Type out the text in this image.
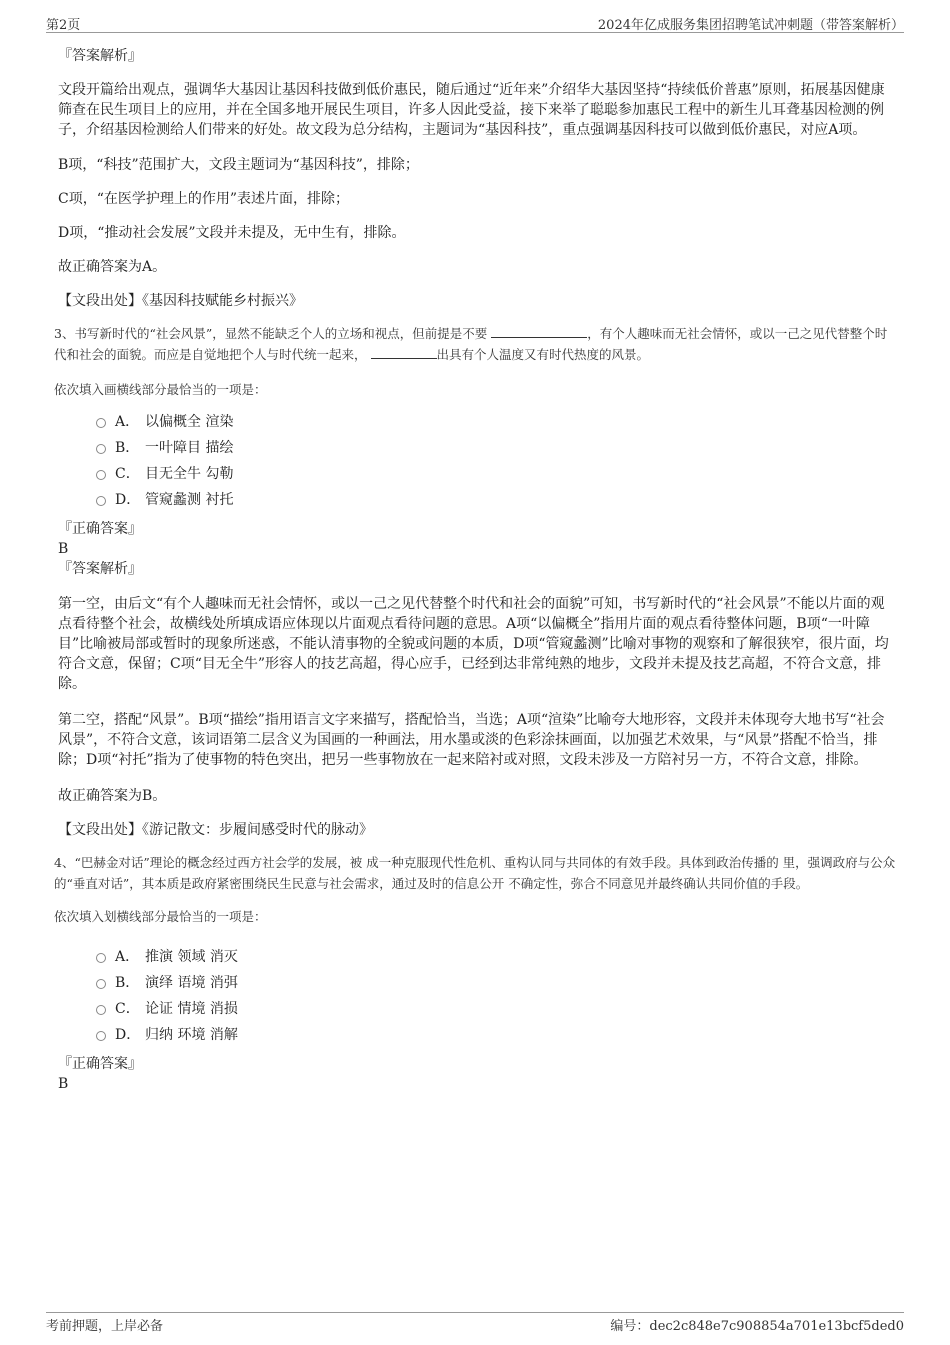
第2页	2024年亿成服务集团招聘笔试冲刺题（带答案解析）

『答案解析』

文段开篇给出观点，强调华大基因让基因科技做到低价惠民，随后通过“近年来”介绍华大基因坚持“持续低价普惠”原则，拓展基因健康筛查在民生项目上的应用，并在全国多地开展民生项目，许多人因此受益，接下来举了聪聪参加惠民工程中的新生儿耳聋基因检测的例子，介绍基因检测给人们带来的好处。故文段为总分结构，主题词为“基因科技”，重点强调基因科技可以做到低价惠民，对应A项。

B项，“科技”范围扩大，文段主题词为“基因科技”，排除；

C项，“在医学护理上的作用”表述片面，排除；

D项，“推动社会发展”文段并未提及，无中生有，排除。

故正确答案为A。

【文段出处】《基因科技赋能乡村振兴》

3、书写新时代的“社会风景”，显然不能缺乏个人的立场和视点，但前提是不要	，有个人趣味而无社会情怀，或以一己之见代替整个时代和社会的面貌。而应是自觉地把个人与时代统一起来，	出具有个人温度又有时代热度的风景。

依次填入画横线部分最恰当的一项是：

A． 以偏概全 渲染
B． 一叶障目 描绘
C． 目无全牛 勾勒
D． 管窥蠡测 衬托

『正确答案』

B

『答案解析』

第一空，由后文“有个人趣味而无社会情怀，或以一己之见代替整个时代和社会的面貌”可知，书写新时代的“社会风景”不能以片面的观点看待整个社会，故横线处所填成语应体现以片面观点看待问题的意思。A项“以偏概全”指用片面的观点看待整体问题，B项“一叶障目”比喻被局部或暂时的现象所迷惑，不能认清事物的全貌或问题的本质，D项“管窥蠡测”比喻对事物的观察和了解很狭窄，很片面，均符合文意，保留；C项“目无全牛”形容人的技艺高超，得心应手，已经到达非常纯熟的地步，文段并未提及技艺高超，不符合文意，排除。

第二空，搭配“风景”。B项“描绘”指用语言文字来描写，搭配恰当，当选；A项“渲染”比喻夸大地形容，文段并未体现夸大地书写“社会风景”，不符合文意，该词语第二层含义为国画的一种画法，用水墨或淡的色彩涂抹画面，以加强艺术效果，与“风景”搭配不恰当，排除；D项“衬托”指为了使事物的特色突出，把另一些事物放在一起来陪衬或对照，文段未涉及一方陪衬另一方，不符合文意，排除。

故正确答案为B。

【文段出处】《游记散文：步履间感受时代的脉动》

4、“巴赫金对话”理论的概念经过西方社会学的发展，被 成一种克服现代性危机、重构认同与共同体的有效手段。具体到政治传播的 里，强调政府与公众的“垂直对话”，其本质是政府紧密围绕民生民意与社会需求，通过及时的信息公开 不确定性，弥合不同意见并最终确认共同价值的手段。

依次填入划横线部分最恰当的一项是：

A． 推演 领域 消灭
B． 演绎 语境 消弭
C． 论证 情境 消损
D． 归纳 环境 消解

『正确答案』

B

考前押题，上岸必备	编号：dec2c848e7c908854a701e13bcf5ded0
